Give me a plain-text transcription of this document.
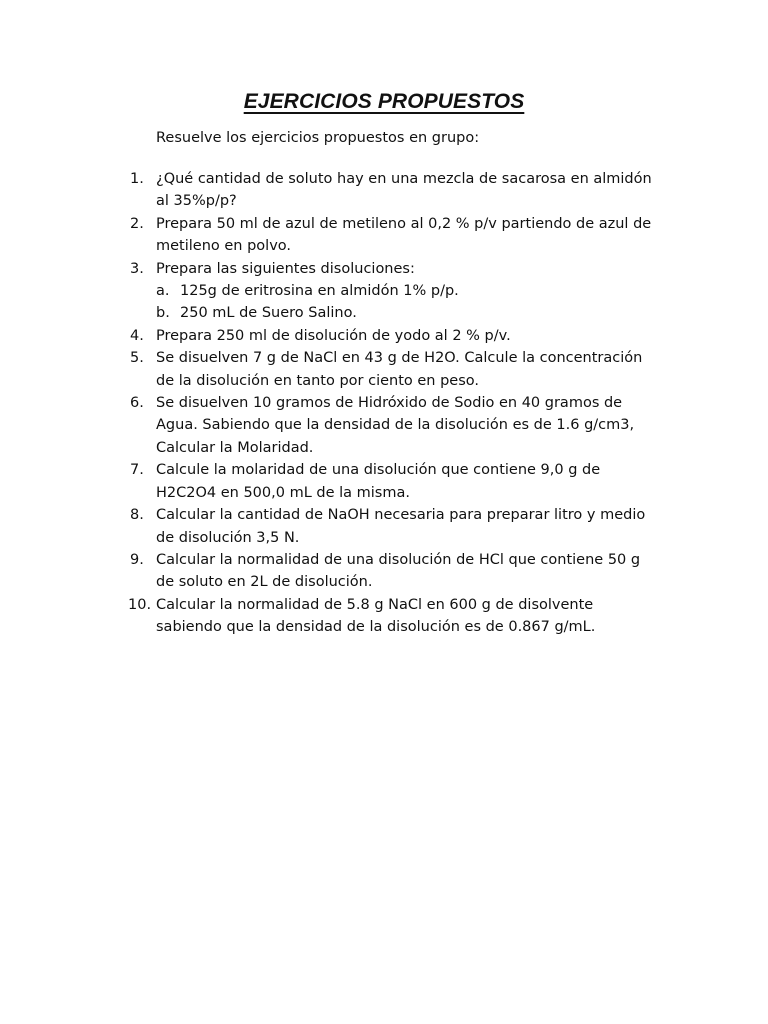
EJERCICIOS PROPUESTOS
Resuelve los ejercicios propuestos en grupo:
1. ¿Qué cantidad de soluto hay en una mezcla de sacarosa en almidón
al 35%p/p?
2. Prepara 50 ml de azul de metileno al 0,2 % p/v partiendo de azul de
metileno en polvo.
3. Prepara las siguientes disoluciones:
a. 125g de eritrosina en almidón 1% p/p.
b. 250 mL de Suero Salino.
4. Prepara 250 ml de disolución de yodo al 2 % p/v.
5. Se disuelven 7 g de NaCl en 43 g de H2O. Calcule la concentración
de la disolución en tanto por ciento en peso.
6. Se disuelven 10 gramos de Hidróxido de Sodio en 40 gramos de
Agua. Sabiendo que la densidad de la disolución es de 1.6 g/cm3,
Calcular la Molaridad.
7. Calcule la molaridad de una disolución que contiene 9,0 g de
H2C2O4 en 500,0 mL de la misma.
8. Calcular la cantidad de NaOH necesaria para preparar litro y medio
de disolución 3,5 N.
9. Calcular la normalidad de una disolución de HCl que contiene 50 g
de soluto en 2L de disolución.
10. Calcular la normalidad de 5.8 g NaCl en 600 g de disolvente
sabiendo que la densidad de la disolución es de 0.867 g/mL.
